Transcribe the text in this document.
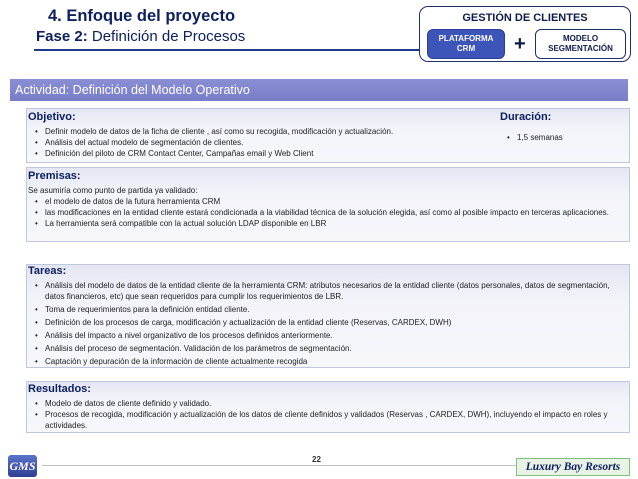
4. Enfoque del proyecto
Fase 2: Definición de Procesos
GESTIÓN DE CLIENTES
PLATAFORMA
CRM	+	MODELO
SEGMENTACIÓN
Actividad: Definición del Modelo Operativo
Objetivo:
• Definir modelo de datos de la ficha de cliente , así como su recogida, modificación y actualización.
• Análisis del actual modelo de segmentación de clientes.
• Definición del piloto de CRM Contact Center, Campañas email y Web Client
Duración:
• 1,5 semanas
Premisas:
Se asumiría como punto de partida ya validado:
• el modelo de datos de la futura herramienta CRM
• las modificaciones en la entidad cliente estará condicionada a la viabilidad técnica de la solución elegida, así como al posible impacto en terceras aplicaciones.
• La herramienta será compatible con la actual solución LDAP disponible en LBR
Tareas:
• Análisis del modelo de datos de la entidad cliente de la herramienta CRM: atributos necesarios de la entidad cliente (datos personales, datos de segmentación, datos financieros, etc) que sean requeridos para cumplir los requerimientos de LBR.
• Toma de requerimientos para la definición entidad cliente.
• Definición de los procesos de carga, modificación y actualización de la entidad cliente (Reservas, CARDEX, DWH)
• Análisis del impacto a nivel organizativo de los procesos definidos anteriormente.
• Análisis del proceso de segmentación. Validación de los parámetros de segmentación.
• Captación y depuración de la información de cliente actualmente recogida
Resultados:
• Modelo de datos de cliente definido y validado.
• Procesos de recogida, modificación y actualización de los datos de cliente definidos y validados (Reservas , CARDEX, DWH), incluyendo el impacto en roles y actividades.
GMS	22
Luxury Bay Resorts
